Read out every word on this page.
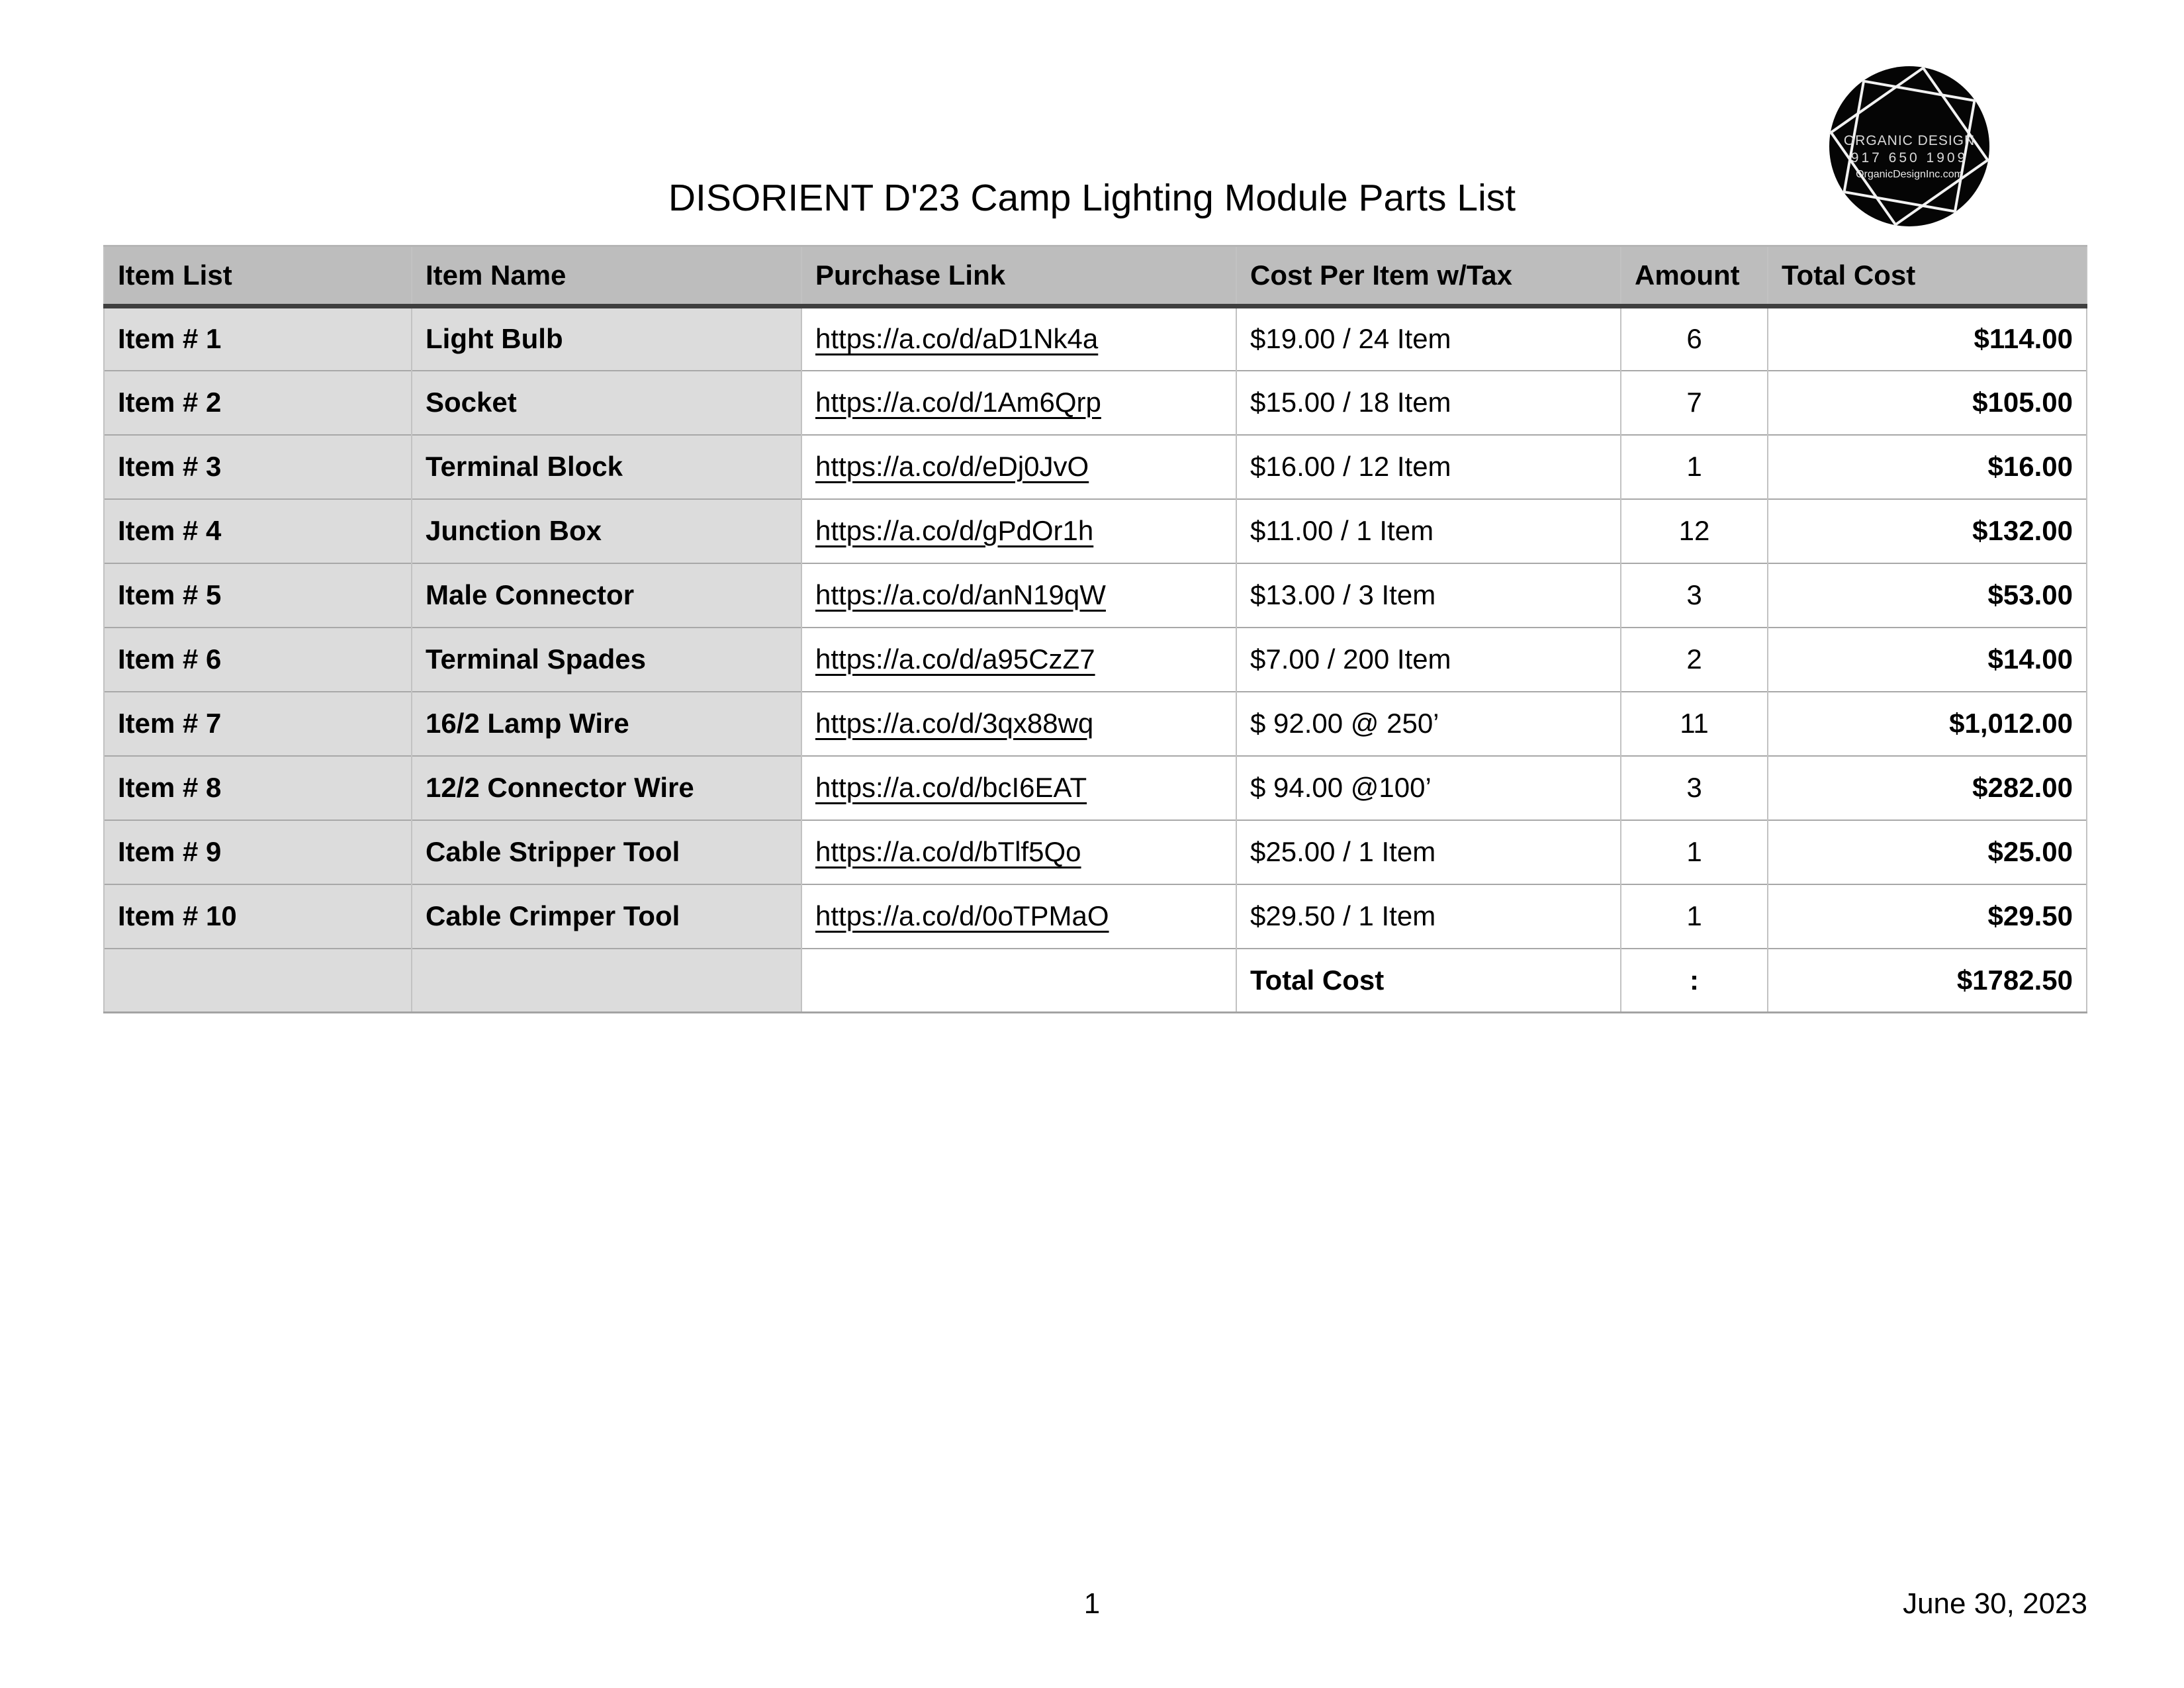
DISORIENT D'23 Camp Lighting Module Parts List
ORGANIC DESIGN
917 650 1909
OrganicDesignInc.com
Item List	Item Name	Purchase Link	Cost Per Item w/Tax	Amount	Total Cost
Item # 1	Light Bulb	https://a.co/d/aD1Nk4a	$19.00 / 24 Item	6	$114.00
Item # 2	Socket	https://a.co/d/1Am6Qrp	$15.00 / 18 Item	7	$105.00
Item # 3	Terminal Block	https://a.co/d/eDj0JvO	$16.00 / 12 Item	1	$16.00
Item # 4	Junction Box	https://a.co/d/gPdOr1h	$11.00 / 1 Item	12	$132.00
Item # 5	Male Connector	https://a.co/d/anN19qW	$13.00 / 3 Item	3	$53.00
Item # 6	Terminal Spades	https://a.co/d/a95CzZ7	$7.00 / 200 Item	2	$14.00
Item # 7	16/2 Lamp Wire	https://a.co/d/3qx88wq	$ 92.00 @ 250’	11	$1,012.00
Item # 8	12/2 Connector Wire	https://a.co/d/bcI6EAT	$ 94.00 @100’	3	$282.00
Item # 9	Cable Stripper Tool	https://a.co/d/bTlf5Qo	$25.00 / 1 Item	1	$25.00
Item # 10	Cable Crimper Tool	https://a.co/d/0oTPMaO	$29.50 / 1 Item	1	$29.50
			Total Cost	:	$1782.50
1	June 30, 2023
